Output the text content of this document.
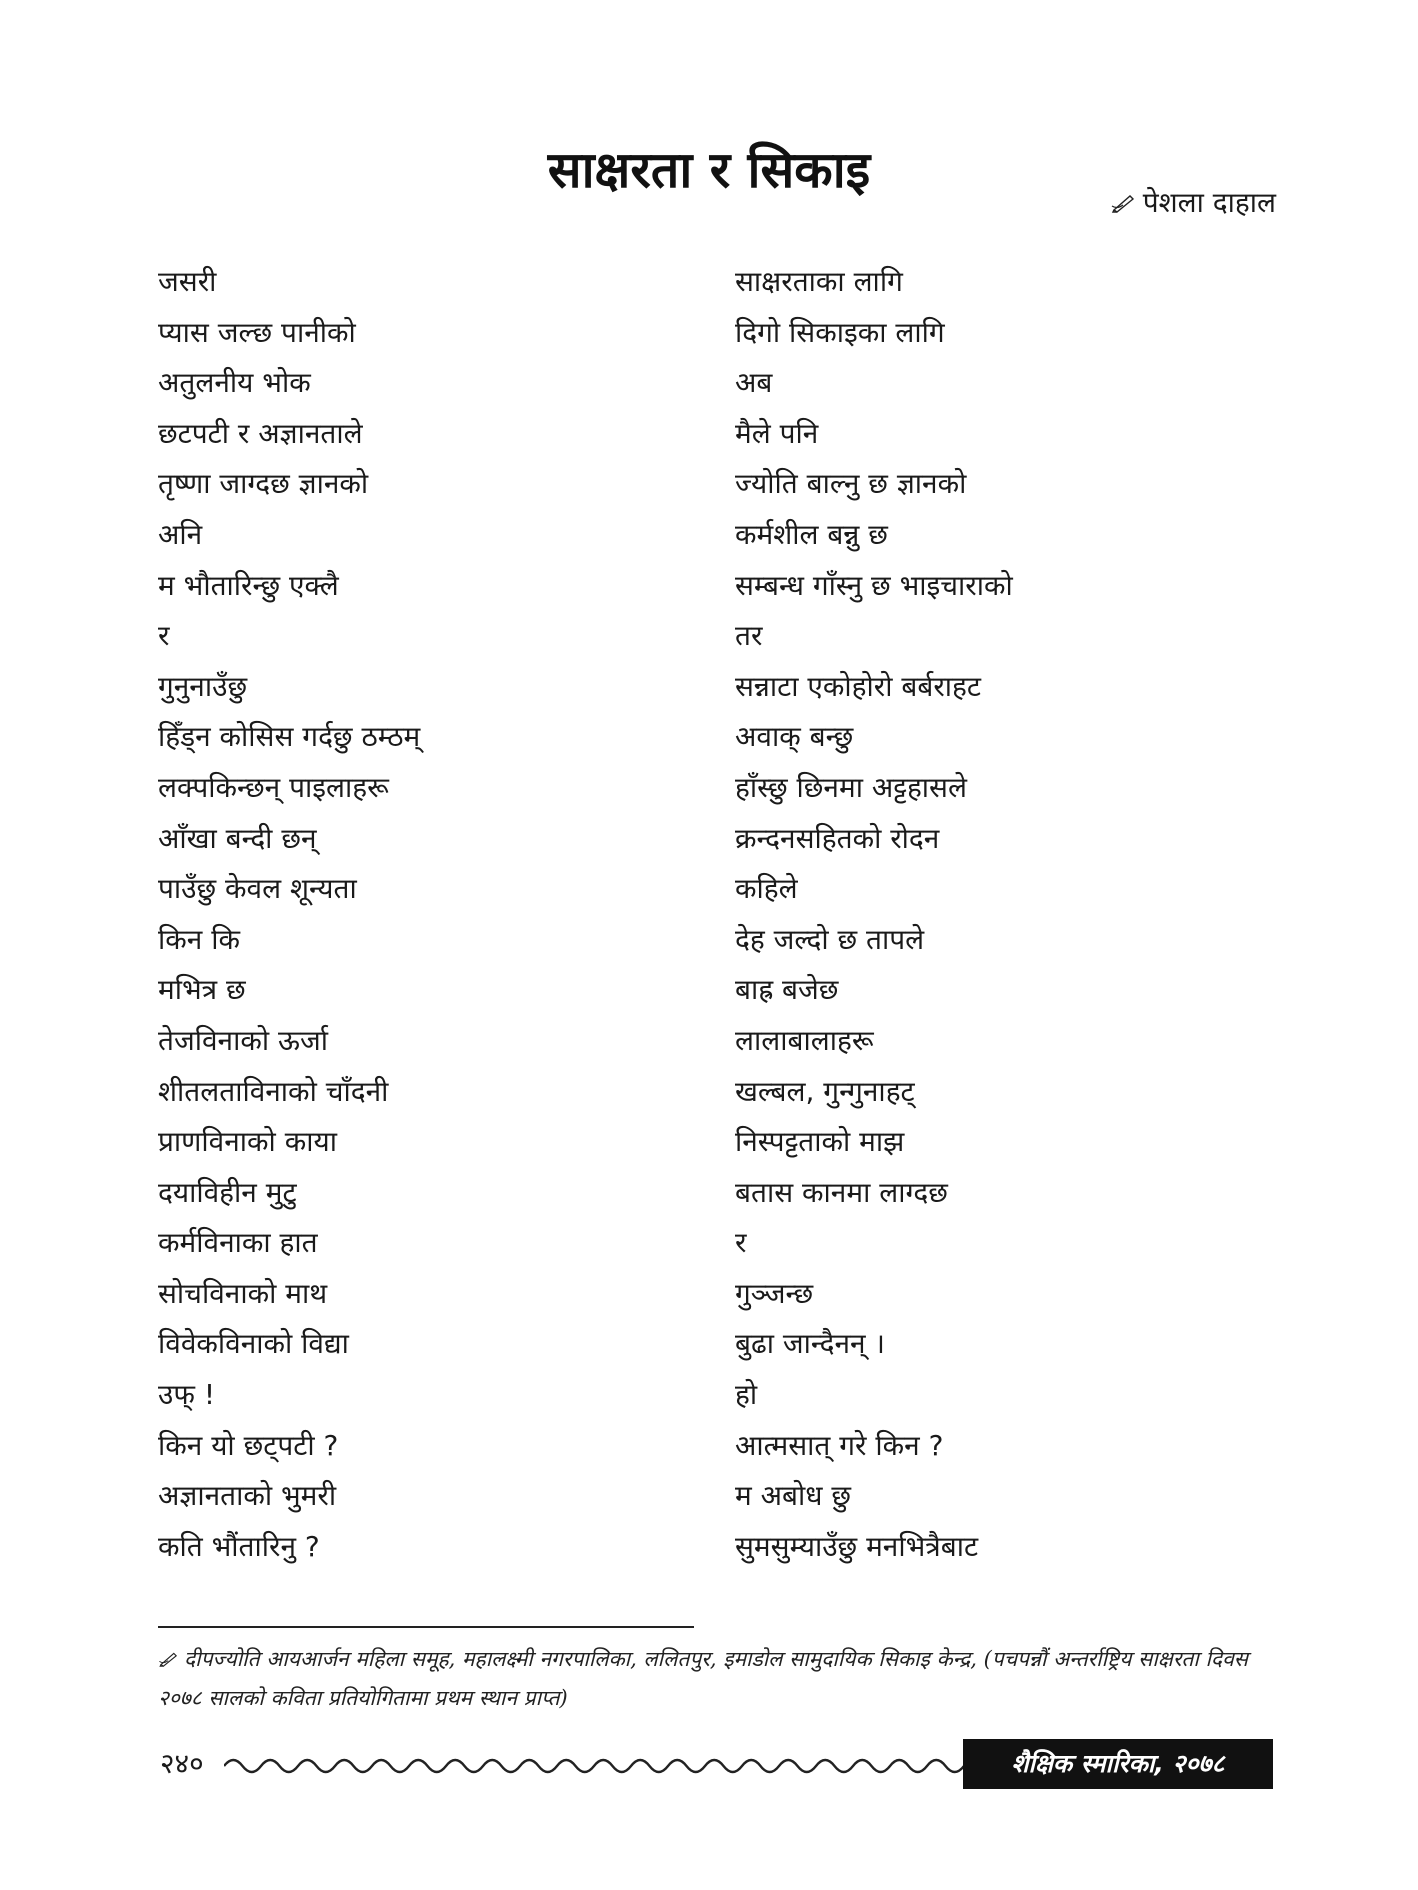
साक्षरता र सिकाइ
पेशला दाहाल
जसरी
प्यास जल्छ पानीको
अतुलनीय भोक
छटपटी र अज्ञानताले
तृष्णा जाग्दछ ज्ञानको
अनि
म भौतारिन्छु एक्लै
र
गुनुनाउँछु
हिँड्न कोसिस गर्दछु ठम्ठम्
लक्पकिन्छन् पाइलाहरू
आँखा बन्दी छन्
पाउँछु केवल शून्यता
किन कि
मभित्र छ
तेजविनाको ऊर्जा
शीतलताविनाको चाँदनी
प्राणविनाको काया
दयाविहीन मुटु
कर्मविनाका हात
सोचविनाको माथ
विवेकविनाको विद्या
उफ् !
किन यो छट्पटी ?
अज्ञानताको भुमरी
कति भौंतारिनु ?
साक्षरताका लागि
दिगो सिकाइका लागि
अब
मैले पनि
ज्योति बाल्नु छ ज्ञानको
कर्मशील बन्नु छ
सम्बन्ध गाँस्नु छ भाइचाराको
तर
सन्नाटा एकोहोरो बर्बराहट
अवाक् बन्छु
हाँस्छु छिनमा अट्टहासले
क्रन्दनसहितको रोदन
कहिले
देह जल्दो छ तापले
बाह्र बजेछ
लालाबालाहरू
खल्बल, गुन्गुनाहट्
निस्पट्टताको माझ
बतास कानमा लाग्दछ
र
गुञ्जन्छ
बुढा जान्दैनन् ।
हो
आत्मसात् गरे किन ?
म अबोध छु
सुमसुम्याउँछु मनभित्रैबाट
दीपज्योति आयआर्जन महिला समूह, महालक्ष्मी नगरपालिका, ललितपुर, इमाडोल सामुदायिक सिकाइ केन्द्र, (पचपन्नौं अन्तर्राष्ट्रिय साक्षरता दिवस २०७८ सालको कविता प्रतियोगितामा प्रथम स्थान प्राप्त)
२४०	शैक्षिक स्मारिका, २०७८
